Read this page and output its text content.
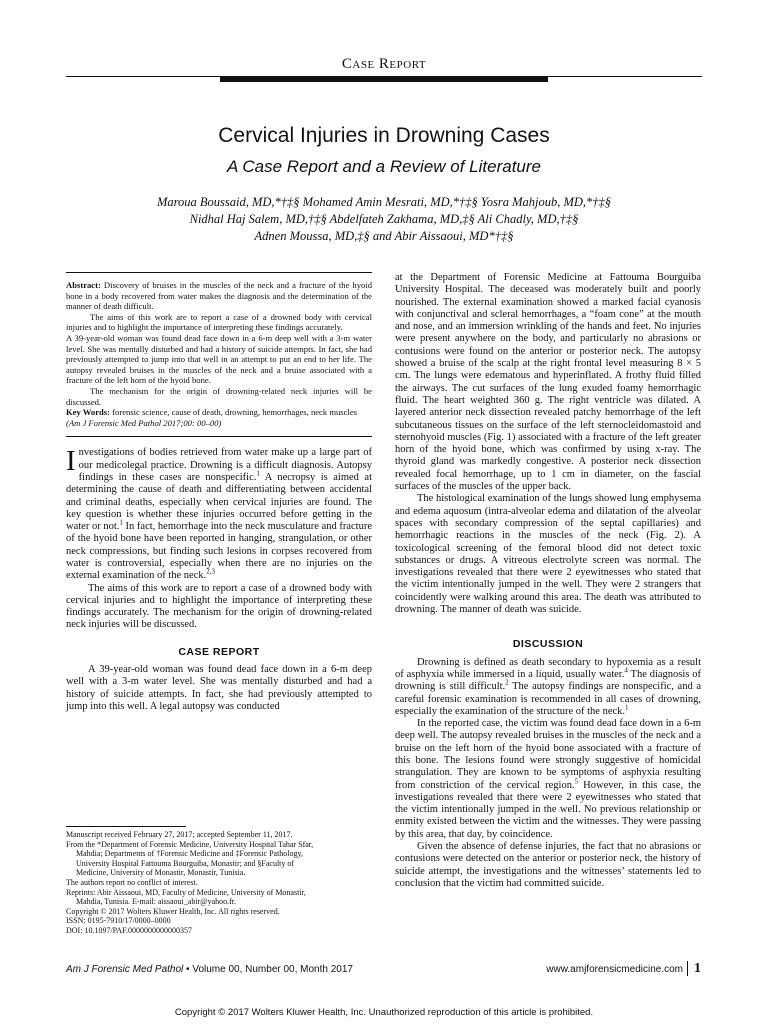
Case Report
Cervical Injuries in Drowning Cases
A Case Report and a Review of Literature
Maroua Boussaid, MD,*†‡§ Mohamed Amin Mesrati, MD,*†‡§ Yosra Mahjoub, MD,*†‡§
Nidhal Haj Salem, MD,†‡§ Abdelfateh Zakhama, MD,‡§ Ali Chadly, MD,†‡§
Adnen Moussa, MD,‡§ and Abir Aissaoui, MD*†‡§

Abstract: Discovery of bruises in the muscles of the neck and a fracture of the hyoid bone in a body recovered from water makes the diagnosis and the determination of the manner of death difficult.

The aims of this work are to report a case of a drowned body with cervical injuries and to highlight the importance of interpreting these findings accurately.

A 39-year-old woman was found dead face down in a 6-m deep well with a 3-m water level. She was mentally disturbed and had a history of suicide attempts. In fact, she had previously attempted to jump into that well in an attempt to put an end to her life. The autopsy revealed bruises in the muscles of the neck and a bruise associated with a fracture of the left horn of the hyoid bone.

The mechanism for the origin of drowning-related neck injuries will be discussed.

Key Words: forensic science, cause of death, drowning, hemorrhages, neck muscles

(Am J Forensic Med Pathol 2017;00: 00–00)

Investigations of bodies retrieved from water make up a large part of our medicolegal practice. Drowning is a difficult diagnosis. Autopsy findings in these cases are nonspecific.$^1$ A necropsy is aimed at determining the cause of death and differentiating between accidental and criminal deaths, especially when cervical injuries are found. The key question is whether these injuries occurred before getting in the water or not.$^1$ In fact, hemorrhage into the neck musculature and fracture of the hyoid bone have been reported in hanging, strangulation, or other neck compressions, but finding such lesions in corpses recovered from water is controversial, especially when there are no injuries on the external examination of the neck.$^{2,3}$

The aims of this work are to report a case of a drowned body with cervical injuries and to highlight the importance of interpreting these findings accurately. The mechanism for the origin of drowning-related neck injuries will be discussed.

CASE REPORT

A 39-year-old woman was found dead face down in a 6-m deep well with a 3-m water level. She was mentally disturbed and had a history of suicide attempts. In fact, she had previously attempted to jump into this well. A legal autopsy was conducted

Manuscript received February 27, 2017; accepted September 11, 2017.

From the *Department of Forensic Medicine, University Hospital Tahar Sfar,

Mahdia; Departments of †Forensic Medicine and ‡Forensic Pathology,

University Hospital Fattouma Bourguiba, Monastir; and §Faculty of

Medicine, University of Monastir, Monastir, Tunisia.

The authors report no conflict of interest.

Reprints: Abir Aissaoui, MD, Faculty of Medicine, University of Monastir,

Mahdia, Tunisia. E-mail: aissaoui_abir@yahoo.fr.

Copyright © 2017 Wolters Kluwer Health, Inc. All rights reserved.

ISSN: 0195-7910/17/0000–0000

DOI: 10.1097/PAF.0000000000000357

at the Department of Forensic Medicine at Fattouma Bourguiba University Hospital. The deceased was moderately built and poorly nourished. The external examination showed a marked facial cyanosis with conjunctival and scleral hemorrhages, a “foam cone” at the mouth and nose, and an immersion wrinkling of the hands and feet. No injuries were present anywhere on the body, and particularly no abrasions or contusions were found on the anterior or posterior neck. The autopsy showed a bruise of the scalp at the right frontal level measuring 8 × 5 cm. The lungs were edematous and hyperinflated. A frothy fluid filled the airways. The cut surfaces of the lung exuded foamy hemorrhagic fluid. The heart weighted 360 g. The right ventricle was dilated. A layered anterior neck dissection revealed patchy hemorrhage of the left subcutaneous tissues on the surface of the left sternocleidomastoid and sternohyoid muscles (Fig. 1) associated with a fracture of the left greater horn of the hyoid bone, which was confirmed by using x-ray. The thyroid gland was markedly congestive. A posterior neck dissection revealed focal hemorrhage, up to 1 cm in diameter, on the fascial surfaces of the muscles of the upper back.

The histological examination of the lungs showed lung emphysema and edema aquosum (intra-alveolar edema and dilatation of the alveolar spaces with secondary compression of the septal capillaries) and hemorrhagic reactions in the muscles of the neck (Fig. 2). A toxicological screening of the femoral blood did not detect toxic substances or drugs. A vitreous electrolyte screen was normal. The investigations revealed that there were 2 eyewitnesses who stated that the victim intentionally jumped in the well. They were 2 strangers that coincidently were walking around this area. The death was attributed to drowning. The manner of death was suicide.

DISCUSSION

Drowning is defined as death secondary to hypoxemia as a result of asphyxia while immersed in a liquid, usually water.$^4$ The diagnosis of drowning is still difficult.$^2$ The autopsy findings are nonspecific, and a careful forensic examination is recommended in all cases of drowning, especially the examination of the structure of the neck.$^1$

In the reported case, the victim was found dead face down in a 6-m deep well. The autopsy revealed bruises in the muscles of the neck and a bruise on the left horn of the hyoid bone associated with a fracture of this bone. The lesions found were strongly suggestive of homicidal strangulation. They are known to be symptoms of asphyxia resulting from constriction of the cervical region.$^5$ However, in this case, the investigations revealed that there were 2 eyewitnesses who stated that the victim intentionally jumped in the well. No previous relationship or enmity existed between the victim and the witnesses. They were passing by this area, that day, by coincidence.

Given the absence of defense injuries, the fact that no abrasions or contusions were detected on the anterior or posterior neck, the history of suicide attempt, the investigations and the witnesses’ statements led to conclusion that the victim had committed suicide.

Am J Forensic Med Pathol • Volume 00, Number 00, Month 2017	www.amjforensicmedicine.com 1
Copyright © 2017 Wolters Kluwer Health, Inc. Unauthorized reproduction of this article is prohibited.
